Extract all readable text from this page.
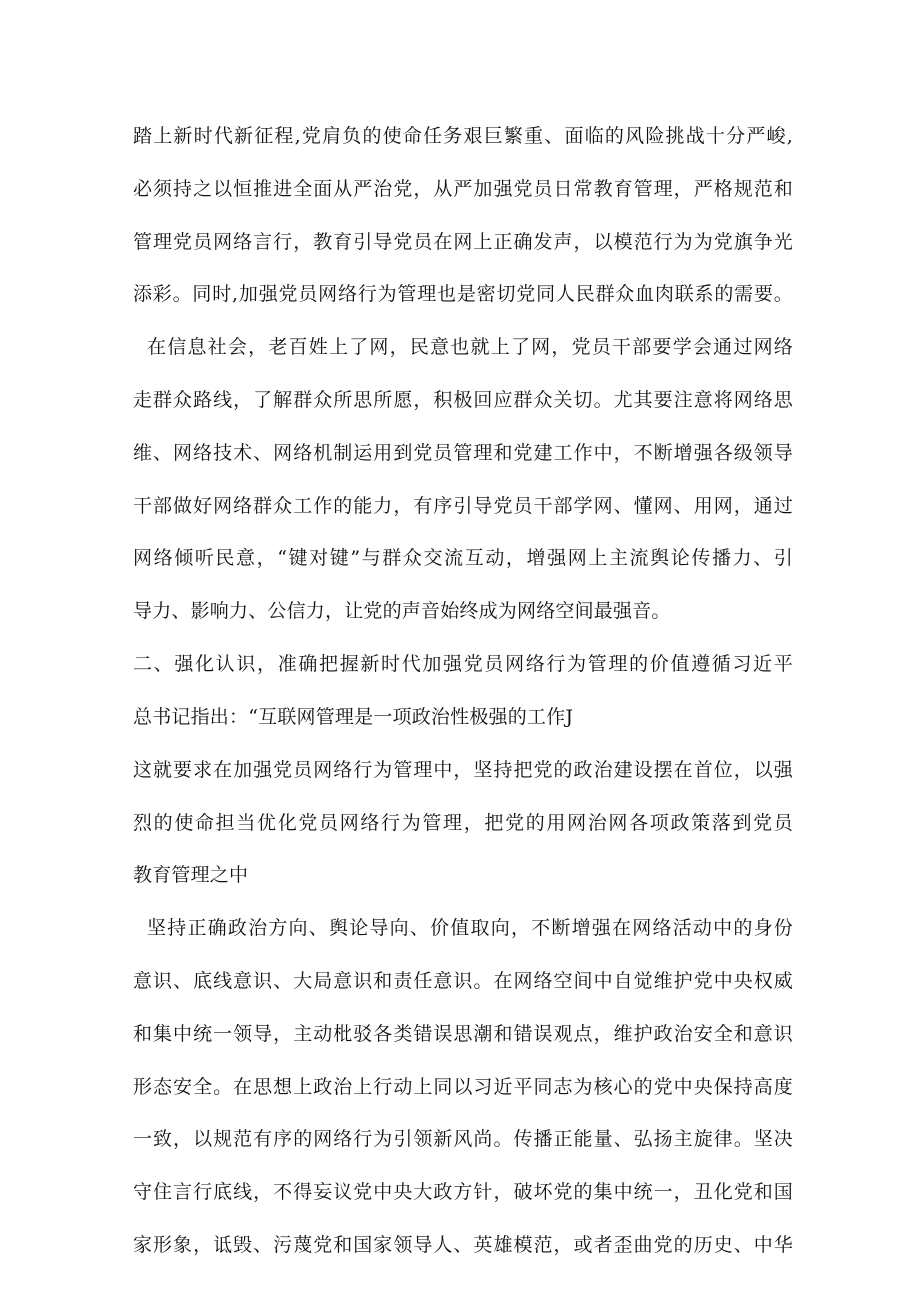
踏上新时代新征程,党肩负的使命任务艰巨繁重、面临的风险挑战十分严峻,
必须持之以恒推进全面从严治党，从严加强党员日常教育管理，严格规范和
管理党员网络言行，教育引导党员在网上正确发声，以模范行为为党旗争光
添彩。同时,加强党员网络行为管理也是密切党同人民群众血肉联系的需要。
在信息社会，老百姓上了网，民意也就上了网，党员干部要学会通过网络
走群众路线，了解群众所思所愿，积极回应群众关切。尤其要注意将网络思
维、网络技术、网络机制运用到党员管理和党建工作中，不断增强各级领导
干部做好网络群众工作的能力，有序引导党员干部学网、懂网、用网，通过
网络倾听民意，“键对键”与群众交流互动，增强网上主流舆论传播力、引
导力、影响力、公信力，让党的声音始终成为网络空间最强音。
二、强化认识，准确把握新时代加强党员网络行为管理的价值遵循习近平
总书记指出：“互联网管理是一项政治性极强的工作J
这就要求在加强党员网络行为管理中，坚持把党的政治建设摆在首位，以强
烈的使命担当优化党员网络行为管理，把党的用网治网各项政策落到党员
教育管理之中
坚持正确政治方向、舆论导向、价值取向，不断增强在网络活动中的身份
意识、底线意识、大局意识和责任意识。在网络空间中自觉维护党中央权威
和集中统一领导，主动枇驳各类错误思潮和错误观点，维护政治安全和意识
形态安全。在思想上政治上行动上同以习近平同志为核心的党中央保持高度
一致，以规范有序的网络行为引领新风尚。传播正能量、弘扬主旋律。坚决
守住言行底线，不得妄议党中央大政方针，破坏党的集中统一，丑化党和国
家形象，诋毁、污蔑党和国家领导人、英雄模范，或者歪曲党的历史、中华
